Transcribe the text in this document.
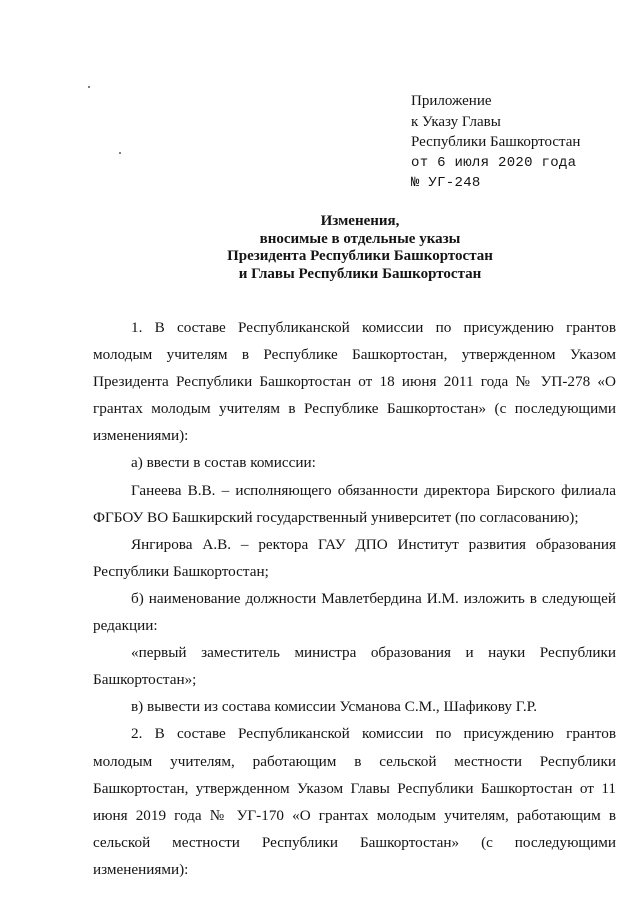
Приложение
к Указу Главы
Республики Башкортостан
от 6 июля 2020 года
№ УГ-248
Изменения,
вносимые в отдельные указы
Президента Республики Башкортостан
и Главы Республики Башкортостан

1. В составе Республиканской комиссии по присуждению грантов молодым учителям в Республике Башкортостан, утвержденном Указом Президента Республики Башкортостан от 18 июня 2011 года № УП-278 «О грантах молодым учителям в Республике Башкортостан» (с последующими изменениями):

а) ввести в состав комиссии:

Ганеева В.В. – исполняющего обязанности директора Бирского филиала ФГБОУ ВО Башкирский государственный университет (по согласованию);

Янгирова А.В. – ректора ГАУ ДПО Институт развития образования Республики Башкортостан;

б) наименование должности Мавлетбердина И.М. изложить в следующей редакции:

«первый заместитель министра образования и науки Республики Башкортостан»;

в) вывести из состава комиссии Усманова С.М., Шафикову Г.Р.

2. В составе Республиканской комиссии по присуждению грантов молодым учителям, работающим в сельской местности Республики Башкортостан, утвержденном Указом Главы Республики Башкортостан от 11 июня 2019 года № УГ-170 «О грантах молодым учителям, работающим в сельской местности Республики Башкортостан» (с последующими изменениями):
